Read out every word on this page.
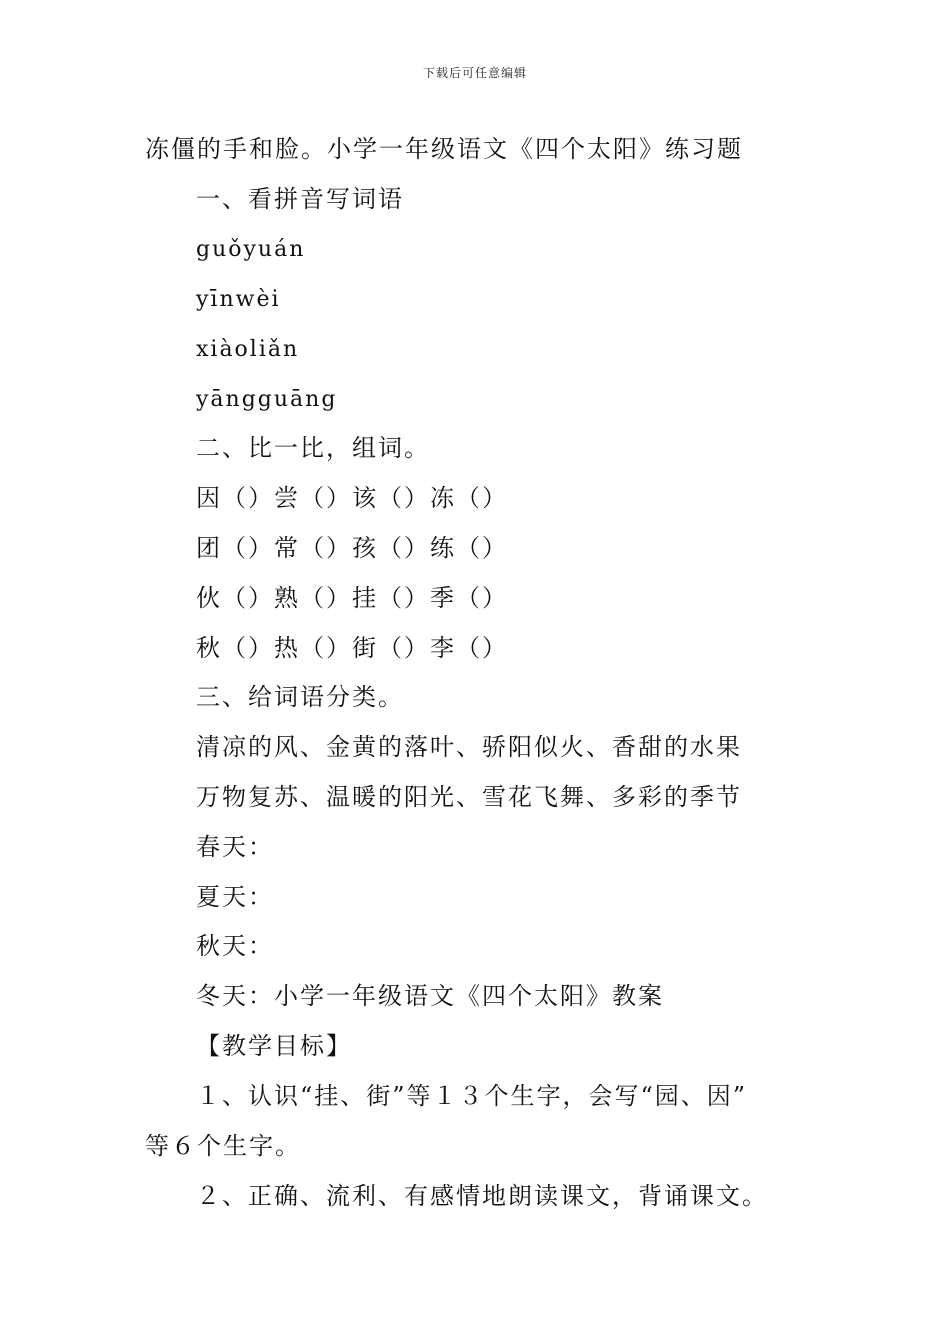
下载后可任意编辑
冻僵的手和脸。小学一年级语文《四个太阳》练习题
一、看拼音写词语
guǒyuán
yīnwèi
xiàoliǎn
yāngguāng
二、比一比，组词。
因（）尝（）该（）冻（）
团（）常（）孩（）练（）
伙（）熟（）挂（）季（）
秋（）热（）街（）李（）
三、给词语分类。
清凉的风、金黄的落叶、骄阳似火、香甜的水果
万物复苏、温暖的阳光、雪花飞舞、多彩的季节
春天：
夏天：
秋天：
冬天：小学一年级语文《四个太阳》教案
【教学目标】
１、认识“挂、街”等１３个生字，会写“园、因”
等６个生字。
２、正确、流利、有感情地朗读课文，背诵课文。
